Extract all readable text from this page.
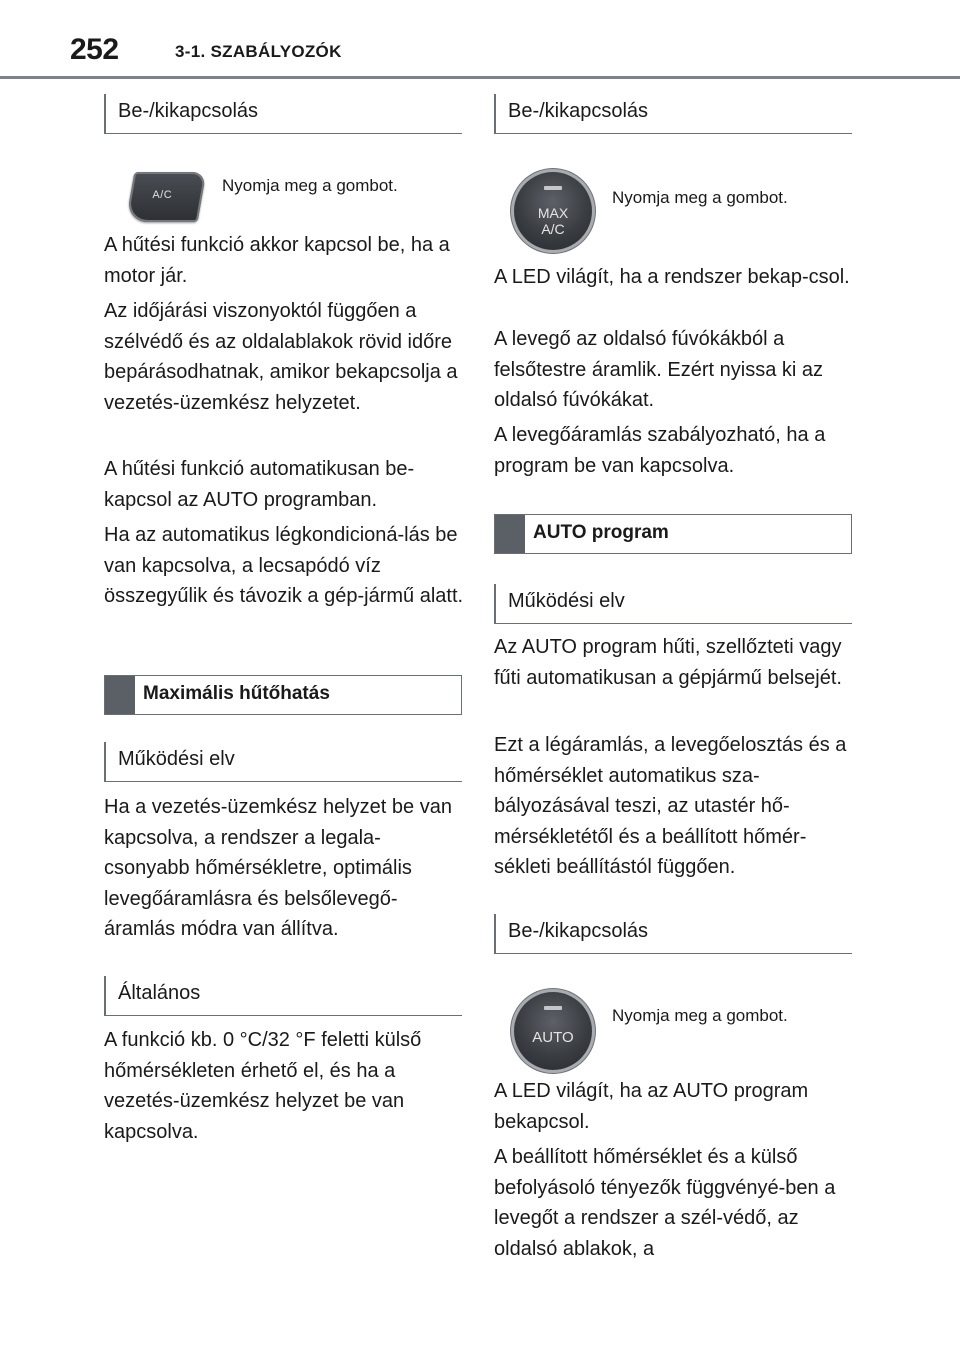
252	3-1. SZABÁLYOZÓK
Be-/kikapcsolás
A/C	Nyomja meg a gombot.

A hűtési funkció akkor kapcsol be, ha a motor jár.

Az időjárási viszonyoktól függően a szélvédő és az oldalablakok rövid időre bepárásodhatnak, amikor bekapcsolja a vezetés-üzemkész helyzetet.

A hűtési funkció automatikusan be-kapcsol az AUTO programban.

Ha az automatikus légkondicioná-lás be van kapcsolva, a lecsapódó víz összegyűlik és távozik a gép-jármű alatt.

Maximális hűtőhatás
Működési elv

Ha a vezetés-üzemkész helyzet be van kapcsolva, a rendszer a legala-csonyabb hőmérsékletre, optimális levegőáramlásra és belsőlevegő-áramlás módra van állítva.

Általános

A funkció kb. 0 °C/32 °F feletti külső hőmérsékleten érhető el, és ha a vezetés-üzemkész helyzet be van kapcsolva.

Be-/kikapcsolás
MAX
A/C
Nyomja meg a gombot.

A LED világít, ha a rendszer bekap-csol.

A levegő az oldalsó fúvókákból a felsőtestre áramlik. Ezért nyissa ki az oldalsó fúvókákat.

A levegőáramlás szabályozható, ha a program be van kapcsolva.

AUTO program
Működési elv

Az AUTO program hűti, szellőzteti vagy fűti automatikusan a gépjármű belsejét.

Ezt a légáramlás, a levegőelosztás és a hőmérséklet automatikus sza-bályozásával teszi, az utastér hő-mérsékletétől és a beállított hőmér-sékleti beállítástól függően.

Be-/kikapcsolás
AUTO
Nyomja meg a gombot.

A LED világít, ha az AUTO program bekapcsol.

A beállított hőmérséklet és a külső befolyásoló tényezők függvényé-ben a levegőt a rendszer a szél-védő, az oldalsó ablakok, a
